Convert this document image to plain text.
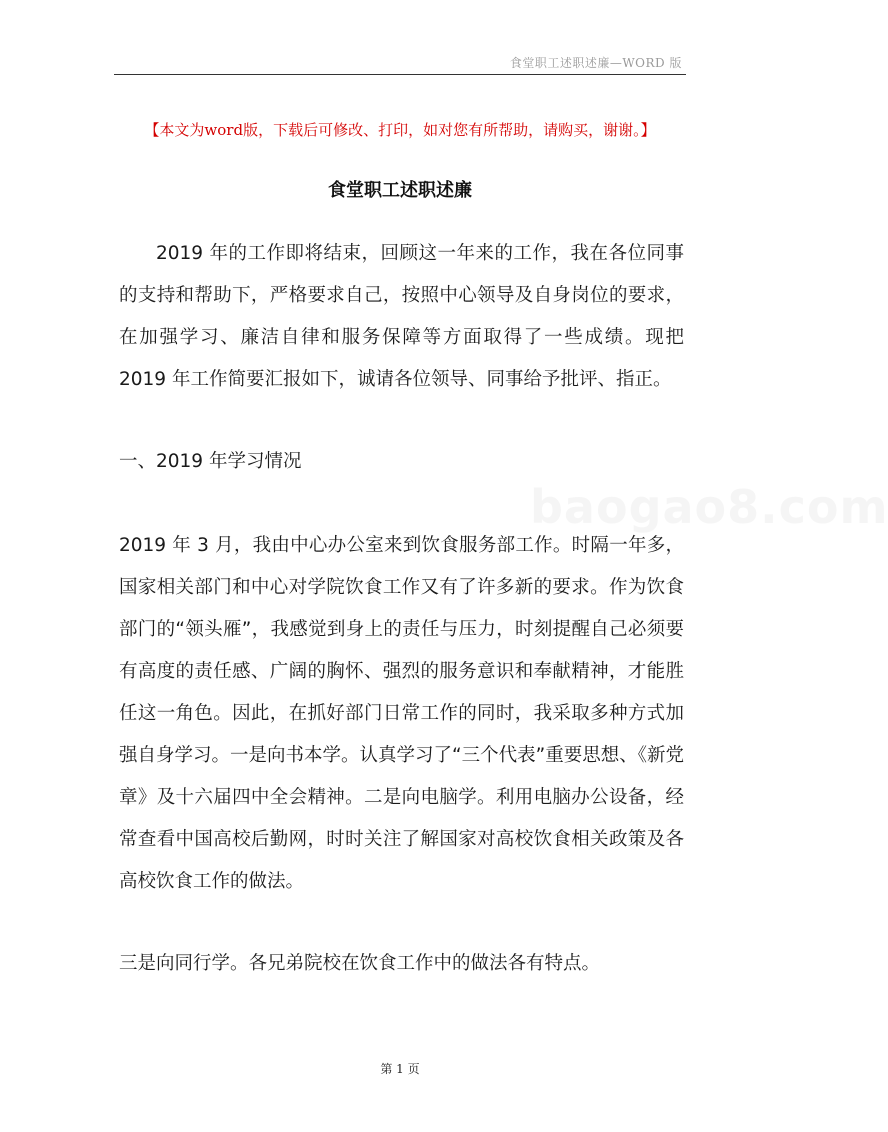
食堂职工述职述廉—WORD 版
【本文为word版，下载后可修改、打印，如对您有所帮助，请购买，谢谢。】
食堂职工述职述廉
baogao8.com

2019 年的工作即将结束，回顾这一年来的工作，我在各位同事的支持和帮助下，严格要求自己，按照中心领导及自身岗位的要求，在加强学习、廉洁自律和服务保障等方面取得了一些成绩。现把 2019 年工作简要汇报如下，诚请各位领导、同事给予批评、指正。

一、2019 年学习情况

2019 年 3 月，我由中心办公室来到饮食服务部工作。时隔一年多，国家相关部门和中心对学院饮食工作又有了许多新的要求。作为饮食部门的“领头雁”，我感觉到身上的责任与压力，时刻提醒自己必须要有高度的责任感、广阔的胸怀、强烈的服务意识和奉献精神，才能胜任这一角色。因此，在抓好部门日常工作的同时，我采取多种方式加强自身学习。一是向书本学。认真学习了“三个代表”重要思想、《新党章》及十六届四中全会精神。二是向电脑学。利用电脑办公设备，经常查看中国高校后勤网，时时关注了解国家对高校饮食相关政策及各高校饮食工作的做法。

三是向同行学。各兄弟院校在饮食工作中的做法各有特点。

第 1 页
